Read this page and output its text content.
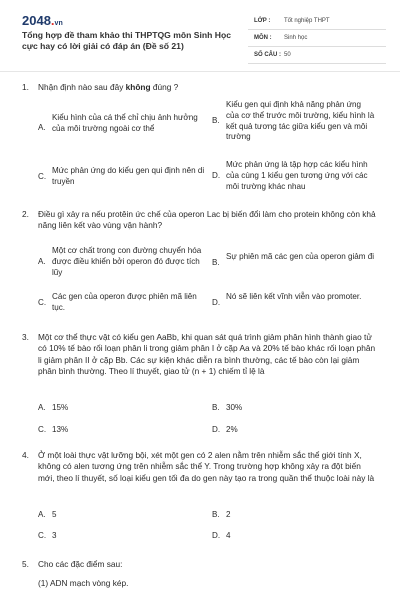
2048.vn
Tổng hợp đề tham khảo thi THPTQG môn Sinh Học cực hay có lời giải có đáp án (Đề số 21)
LỚP : Tốt nghiệp THPT
MÔN : Sinh học
SỐ CÂU : 50
1. Nhận định nào sau đây không đúng ?
A.
Kiểu hình của cá thể chỉ chịu ảnh hưởng của môi trường ngoài cơ thể
B.
Kiểu gen qui định khả năng phản ứng của cơ thể trước môi trường, kiểu hình là kết quả tương tác giữa kiểu gen và môi trường
C.
Mức phản ứng do kiểu gen qui định nên di truyền
D.
Mức phản ứng là tập hợp các kiểu hình của cùng 1 kiểu gen tương ứng với các môi trường khác nhau
2. Điều gì xảy ra nếu protêin ức chế của operon Lac bị biến đổi làm cho protein không còn khả năng liên kết vào vùng vận hành?
A.
Một cơ chất trong con đường chuyển hóa được điều khiển bởi operon đó được tích lũy
B.
Sự phiên mã các gen của operon giảm đi
C.
Các gen của operon được phiên mã liên tục.
D.
Nó sẽ liên kết vĩnh viễn vào promoter.
3. Một cơ thể thực vật có kiểu gen AaBb, khi quan sát quá trình giảm phân hình thành giao tử có 10% tế bào rối loạn phân li trong giảm phân I ở cặp Aa và 20% tế bào khác rối loạn phân li giảm phân II ở cặp Bb. Các sự kiện khác diễn ra bình thường, các tế bào còn lại giảm phân bình thường. Theo lí thuyết, giao tử (n + 1) chiếm tỉ lệ là
A. 15%	B. 30%
C. 13%	D. 2%
4. Ở một loài thực vật lưỡng bội, xét một gen có 2 alen nằm trên nhiễm sắc thể giới tính X, không có alen tương ứng trên nhiễm sắc thể Y. Trong trường hợp không xảy ra đột biến mới, theo lí thuyết, số loại kiểu gen tối đa do gen này tạo ra trong quần thể thuộc loài này là
A. 5	B. 2
C. 3	D. 4
5. Cho các đặc điểm sau:
(1) ADN mạch vòng kép.
